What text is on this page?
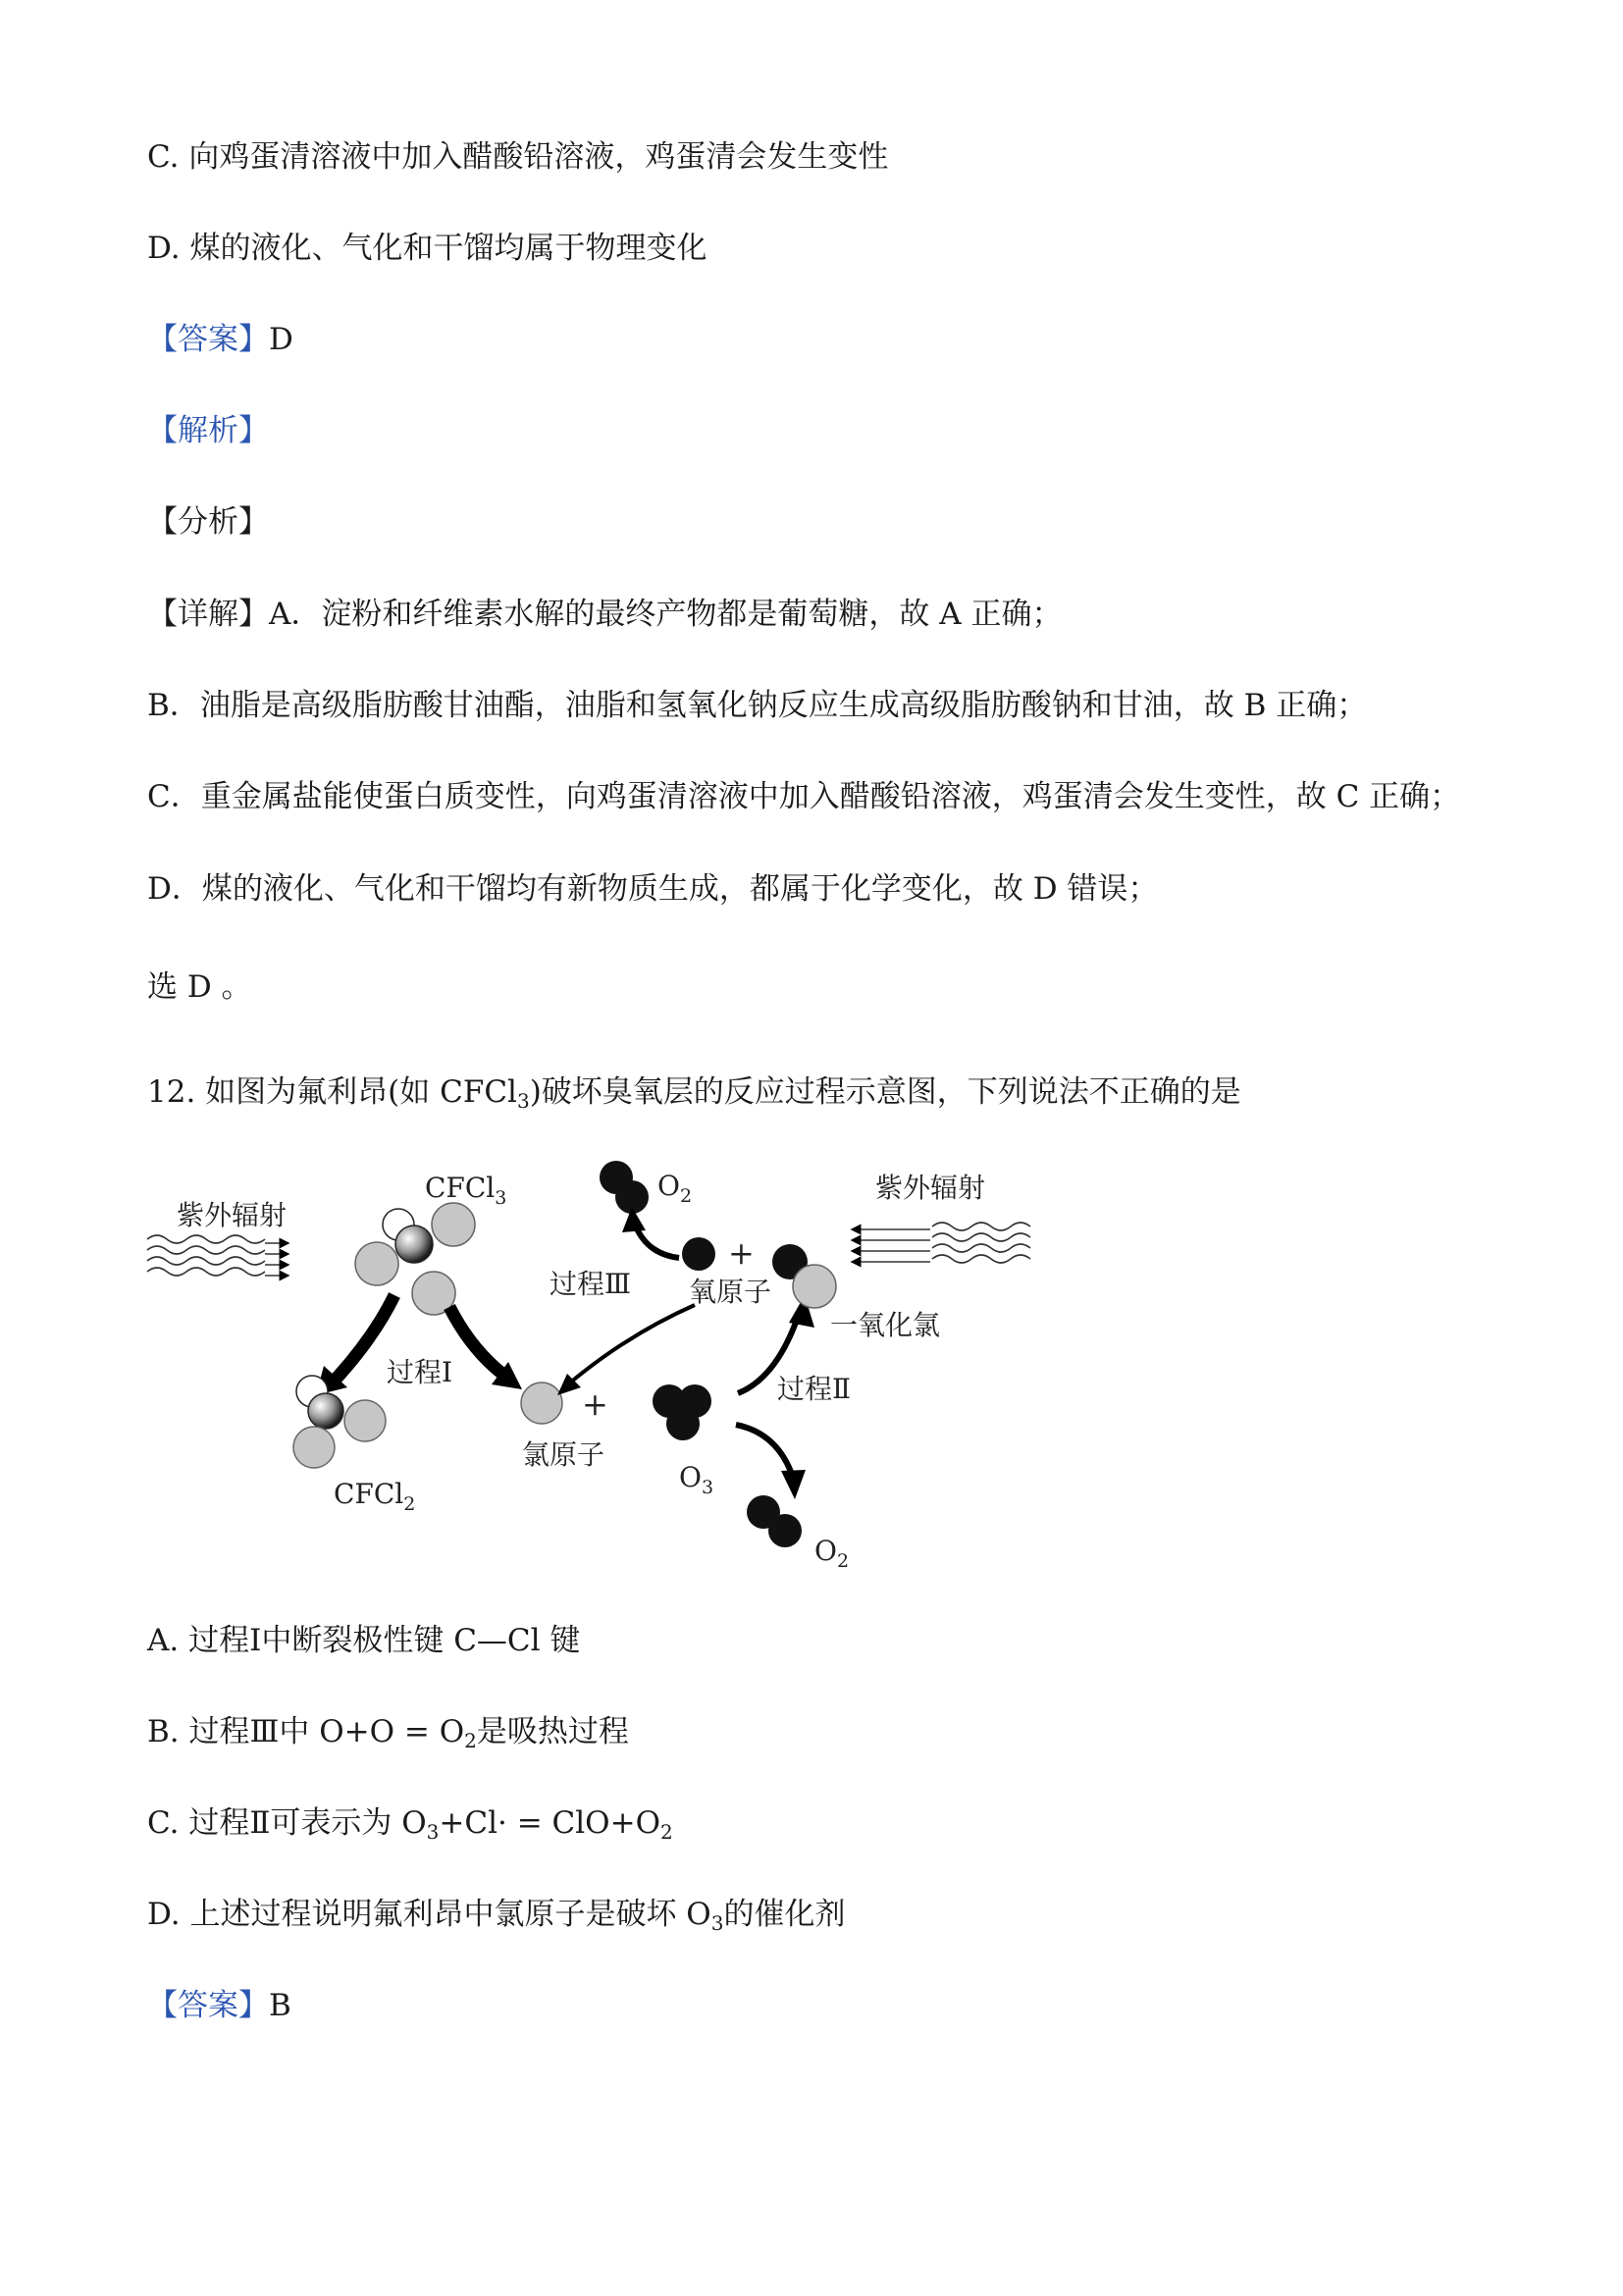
C. 向鸡蛋清溶液中加入醋酸铅溶液，鸡蛋清会发生变性
D. 煤的液化、气化和干馏均属于物理变化
【答案】D
【解析】
【分析】
【详解】A．淀粉和纤维素水解的最终产物都是葡萄糖，故 A 正确；
B．油脂是高级脂肪酸甘油酯，油脂和氢氧化钠反应生成高级脂肪酸钠和甘油，故 B 正确；
C．重金属盐能使蛋白质变性，向鸡蛋清溶液中加入醋酸铅溶液，鸡蛋清会发生变性，故 C 正确；
D．煤的液化、气化和干馏均有新物质生成，都属于化学变化，故 D 错误；
选 D 。
12. 如图为氟利昂(如 CFCl$_3$)破坏臭氧层的反应过程示意图，下列说法不正确的是
紫外辐射
CFCl$_3$
过程Ⅰ
CFCl$_2$
+
氯原子
$O_3$
过程Ⅱ
$O_2$
$O_2$
+
氧原子
一氧化氯
过程Ⅲ
紫外辐射
A. 过程Ⅰ中断裂极性键 C—Cl 键
B. 过程Ⅲ中 $O+O = O_2$是吸热过程
C. 过程Ⅱ可表示为 $O_3+Cl\cdot = ClO+O_2$
D. 上述过程说明氟利昂中氯原子是破坏 $O_3$的催化剂
【答案】B
